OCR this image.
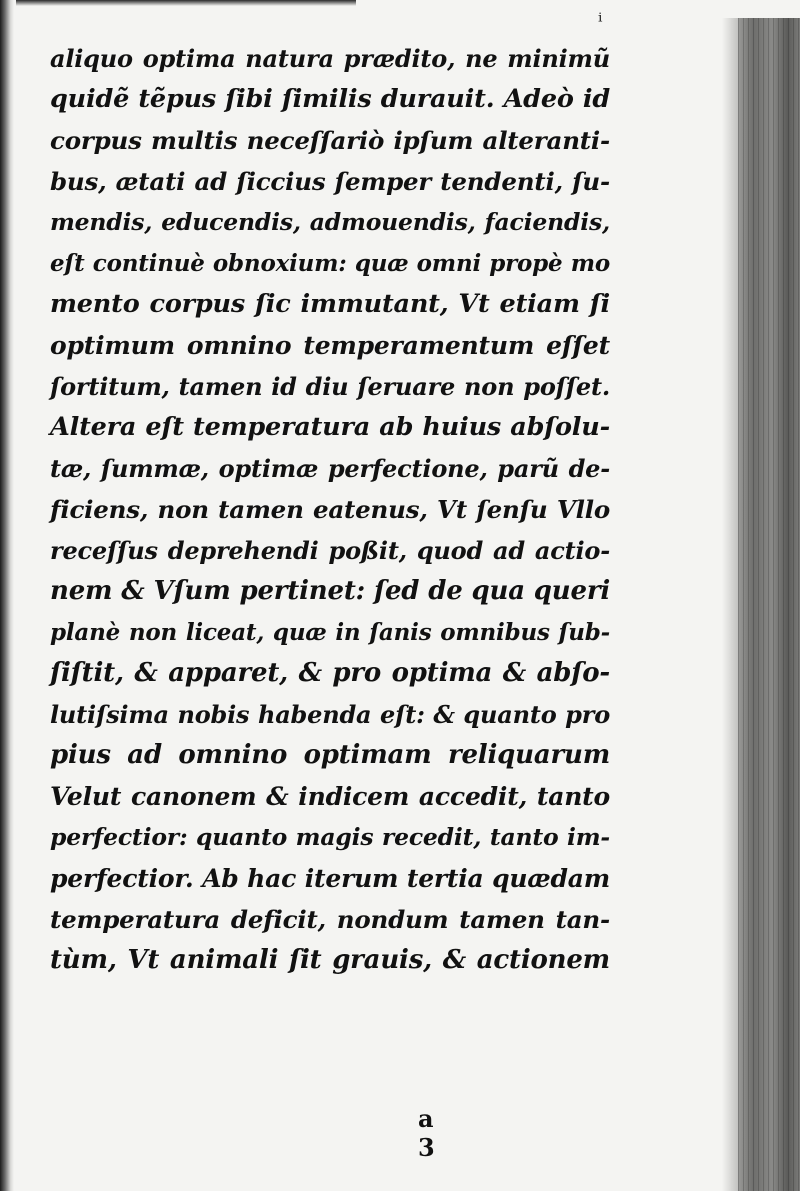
ⁱ
aliquo optima natura prædito, ne minimũ
quidẽ tẽpus ſibi ſimilis durauit. Adeò id
corpus multis neceſſariò ipſum alteranti-
bus, ætati ad ſiccius ſemper tendenti, ſu-
mendis, educendis, admouendis, faciendis,
eſt continuè obnoxium: quæ omni propè mo
mento corpus ſic immutant, Vt etiam ſi
optimum omnino temperamentum eſſet
ſortitum, tamen id diu ſeruare non poſſet.
Altera eſt temperatura ab huius abſolu-
tæ, ſummæ, optimæ perfectione, parũ de-
ficiens, non tamen eatenus, Vt ſenſu Vllo
receſſus deprehendi poßit, quod ad actio-
nem & Vſum pertinet: ſed de qua queri
planè non liceat, quæ in ſanis omnibus ſub-
ſiſtit, & apparet, & pro optima & abſo-
lutiſsima nobis habenda eſt: & quanto pro
pius ad omnino optimam reliquarum
Velut canonem & indicem accedit, tanto
perfectior: quanto magis recedit, tanto im-
perfectior. Ab hac iterum tertia quædam
temperatura deficit, nondum tamen tan-
tùm, Vt animali ſit grauis, & actionem
a 3
